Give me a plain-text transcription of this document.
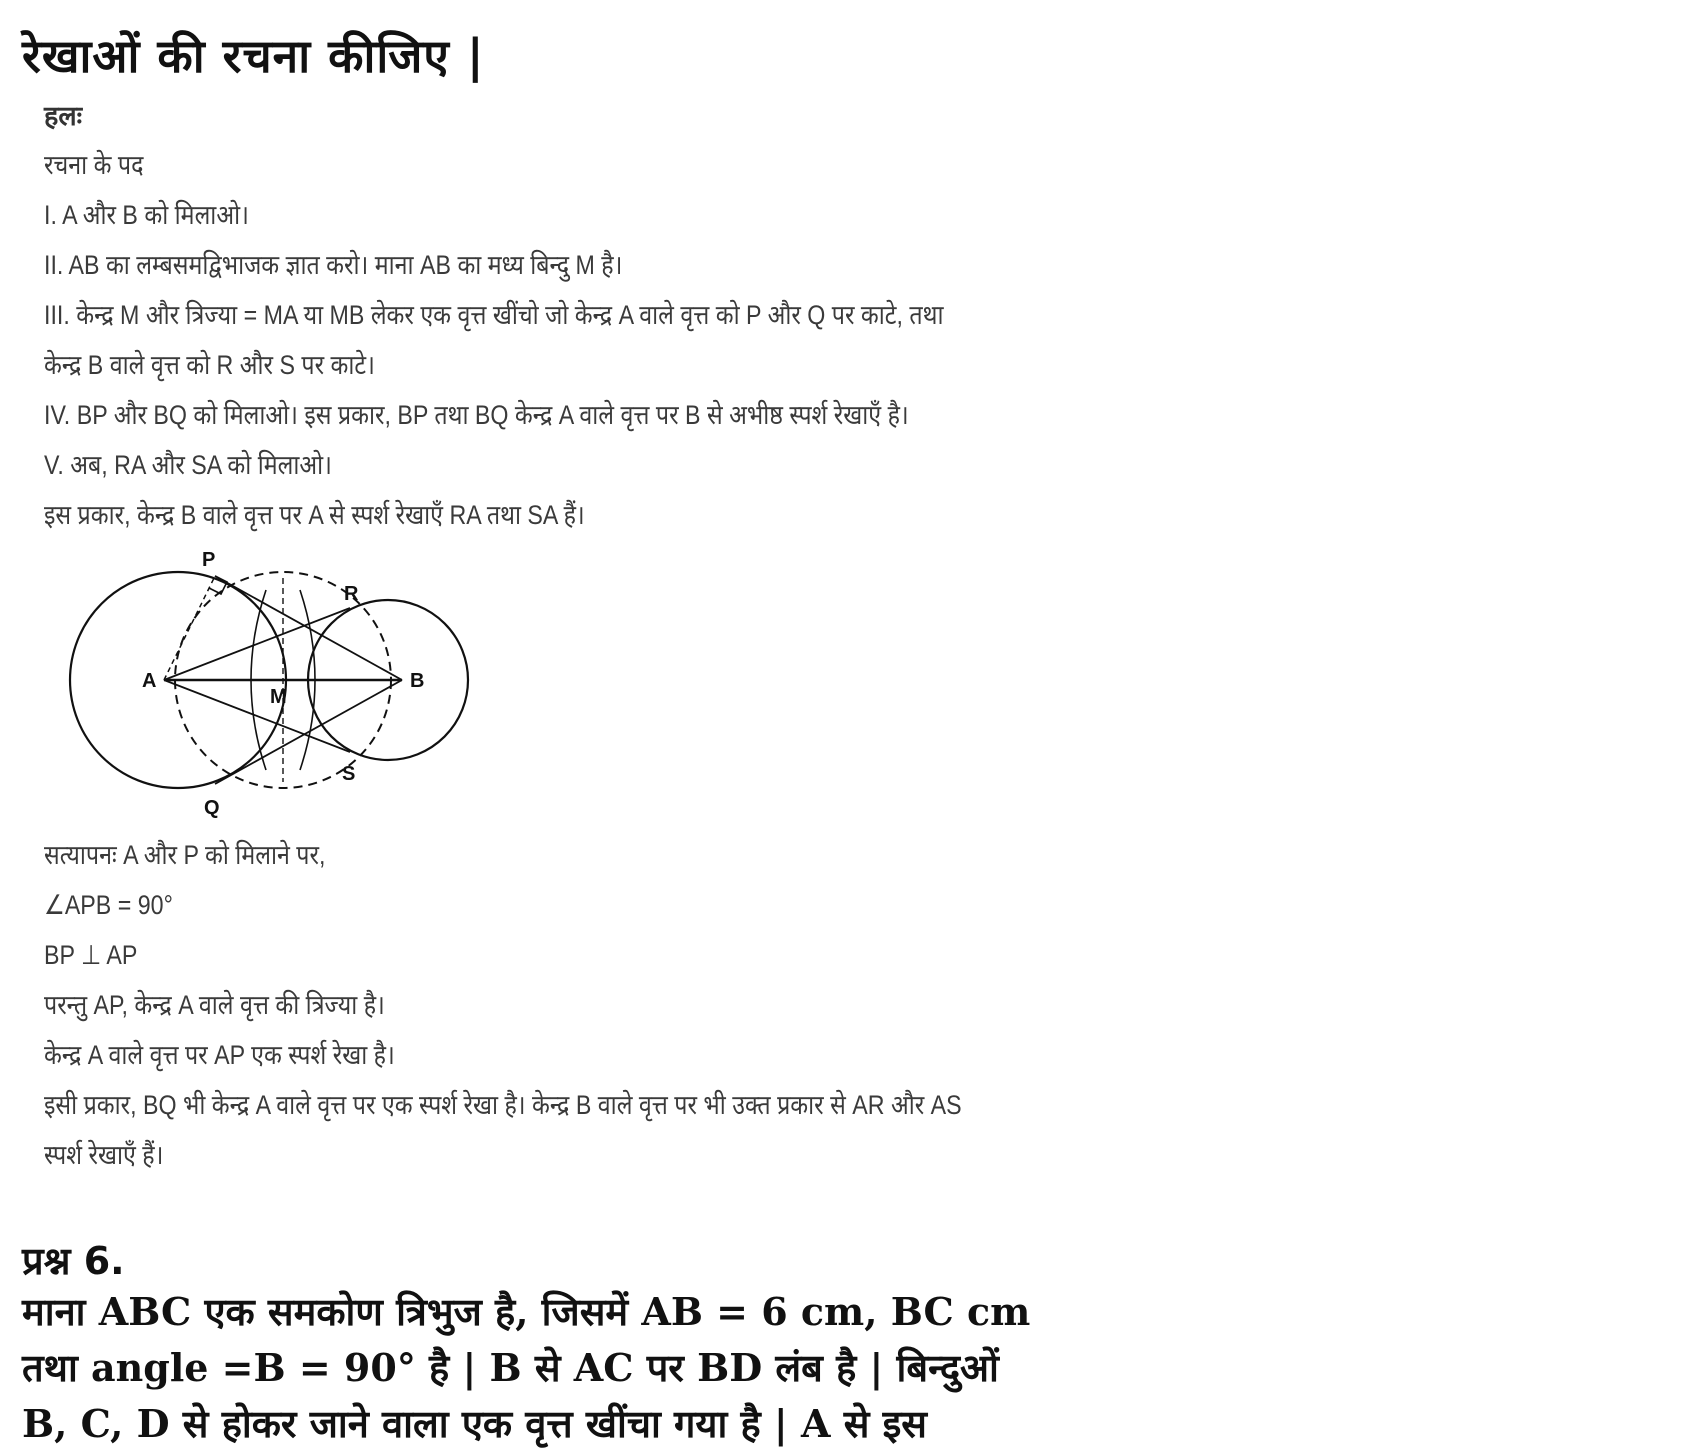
रेखाओं की रचना कीजिए |
हलः
रचना के पद
I. A और B को मिलाओ।
II. AB का लम्बसमद्विभाजक ज्ञात करो। माना AB का मध्य बिन्दु M है।
III. केन्द्र M और त्रिज्या = MA या MB लेकर एक वृत्त खींचो जो केन्द्र A वाले वृत्त को P और Q पर काटे, तथा
केन्द्र B वाले वृत्त को R और S पर काटे।
IV. BP और BQ को मिलाओ। इस प्रकार, BP तथा BQ केन्द्र A वाले वृत्त पर B से अभीष्ठ स्पर्श रेखाएँ है।
V. अब, RA और SA को मिलाओ।
इस प्रकार, केन्द्र B वाले वृत्त पर A से स्पर्श रेखाएँ RA तथा SA हैं।
A	B
M
P
Q
R
S
सत्यापनः A और P को मिलाने पर,
∠APB = 90°
BP ⊥ AP
परन्तु AP, केन्द्र A वाले वृत्त की त्रिज्या है।
केन्द्र A वाले वृत्त पर AP एक स्पर्श रेखा है।
इसी प्रकार, BQ भी केन्द्र A वाले वृत्त पर एक स्पर्श रेखा है। केन्द्र B वाले वृत्त पर भी उक्त प्रकार से AR और AS
स्पर्श रेखाएँ हैं।
प्रश्न 6.
माना ABC एक समकोण त्रिभुज है, जिसमें AB = 6 cm, BC cm
तथा angle =B = 90° है | B से AC पर BD लंब है | बिन्दुओं
B, C, D से होकर जाने वाला एक वृत्त खींचा गया है | A से इस
